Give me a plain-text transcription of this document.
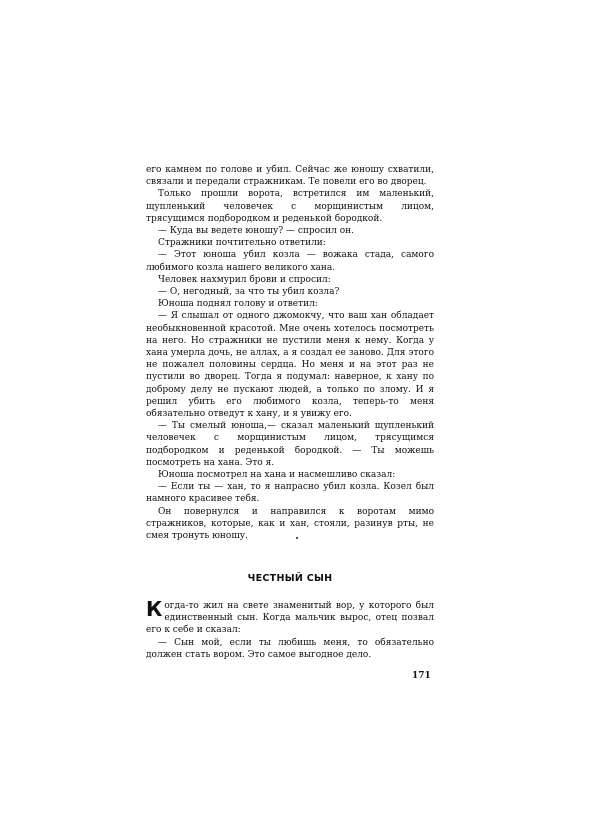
его камнем по голове и убил. Сейчас же юношу схватили, связали и передали стражникам. Те повели его во дворец.

Только прошли ворота, встретился им маленький, щупленький человечек с морщинистым лицом, трясущимся подбородком и реденькой бородкой.

— Куда вы ведете юношу? — спросил он.

Стражники почтительно ответили:

— Этот юноша убил козла — вожака стада, самого любимого козла нашего великого хана.

Человек нахмурил брови и спросил:

— О, негодный, за что ты убил козла?

Юноша поднял голову и ответил:

— Я слышал от одного джомокчу, что ваш хан обладает необыкновенной красотой. Мне очень хотелось посмотреть на него. Но стражники не пустили меня к нему. Когда у хана умерла дочь, не аллах, а я создал ее заново. Для этого не пожалел половины сердца. Но меня и на этот раз не пустили во дворец. Тогда я подумал: наверное, к хану по доброму делу не пускают людей, а только по злому. И я решил убить его любимого козла, теперь-то меня обязательно отведут к хану, и я увижу его.

— Ты смелый юноша,— сказал маленький щупленький человечек с морщинистым лицом, трясущимся подбородком и реденькой бородкой. — Ты можешь посмотреть на хана. Это я.

Юноша посмотрел на хана и насмешливо сказал:

— Если ты — хан, то я напрасно убил козла. Козел был намного красивее тебя.

Он повернулся и направился к воротам мимо стражников, которые, как и хан, стояли, разинув рты, не смея тронуть юношу.

ЧЕСТНЫЙ СЫН

Когда-то жил на свете знаменитый вор, у которого был единственный сын. Когда мальчик вырос, отец позвал его к себе и сказал:

— Сын мой, если ты любишь меня, то обязательно должен стать вором. Это самое выгодное дело.

171
